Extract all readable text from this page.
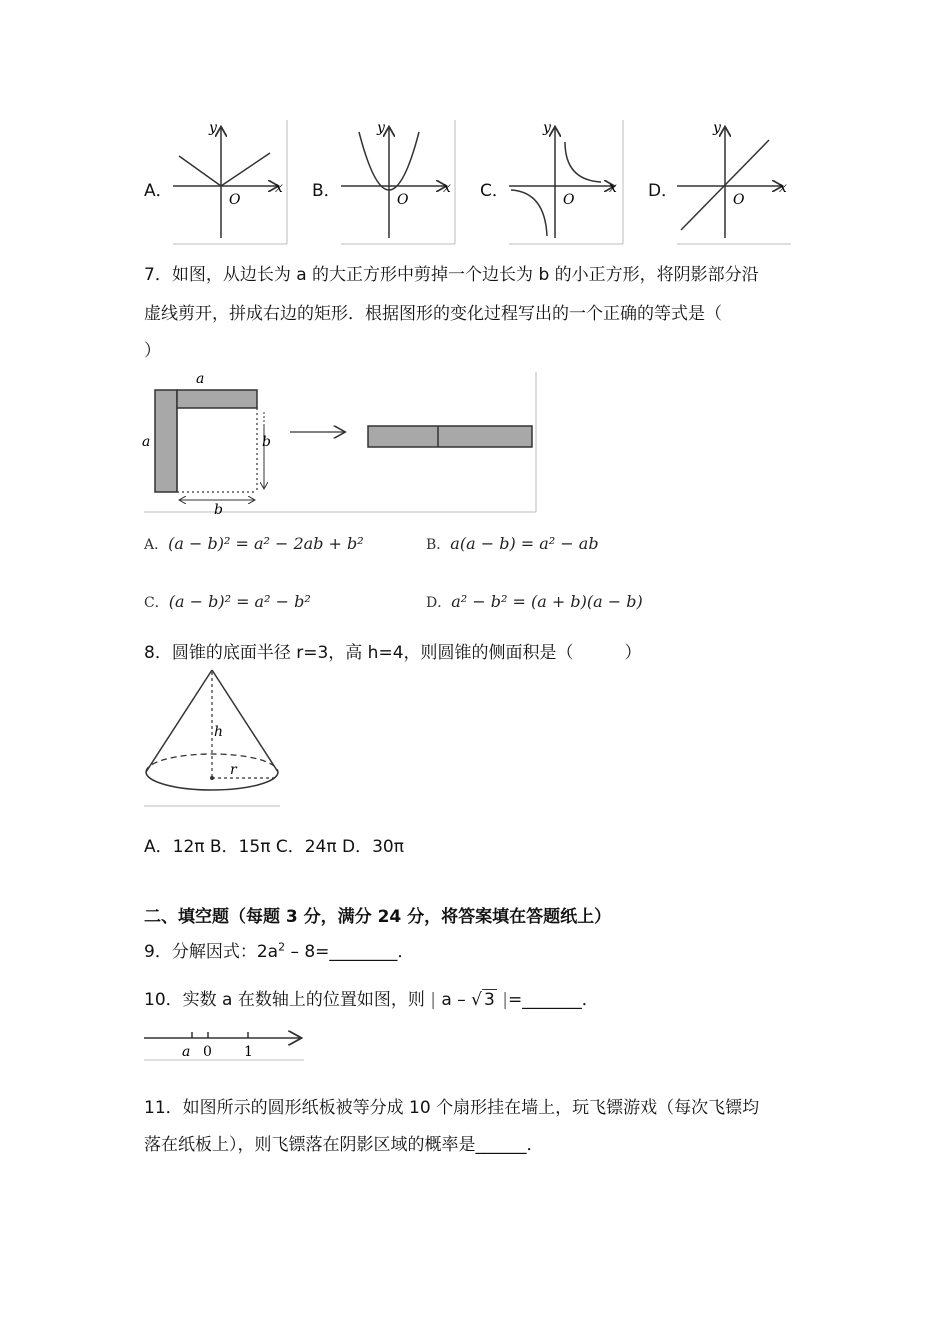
A．
y
x
O	B．
y
x
O	C．
y
x
O	D．
y
x
O
7．如图，从边长为 a 的大正方形中剪掉一个边长为 b 的小正方形，将阴影部分沿
虚线剪开，拼成右边的矩形．根据图形的变化过程写出的一个正确的等式是（
）
a
a	b
b
A．(a − b)² = a² − 2ab + b²	B．a(a − b) = a² − ab
C．(a − b)² = a² − b²	D．a² − b² = (a + b)(a − b)
8．圆锥的底面半径 r=3，高 h=4，则圆锥的侧面积是（　　　）
h
r
A．12π B．15π C．24π D．30π
二、填空题（每题 3 分，满分 24 分，将答案填在答题纸上）
9．分解因式：$2a^2$ – 8=________．
10．实数 a 在数轴上的位置如图，则 | a – √ 3 |=_______．
a 0 1
11．如图所示的圆形纸板被等分成 10 个扇形挂在墙上，玩飞镖游戏（每次飞镖均
落在纸板上），则飞镖落在阴影区域的概率是______．
